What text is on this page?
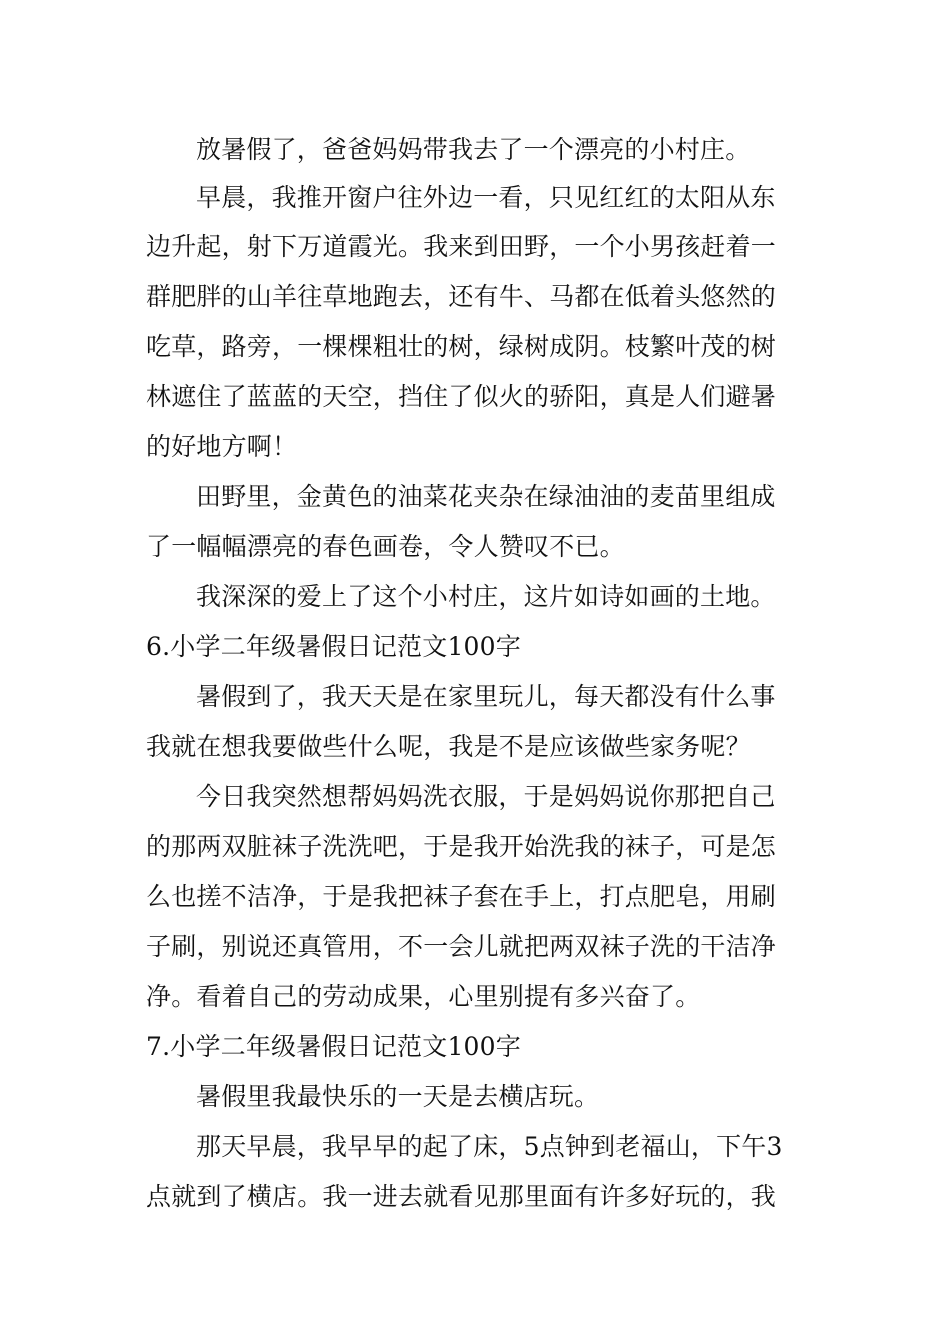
放暑假了，爸爸妈妈带我去了一个漂亮的小村庄。
早晨，我推开窗户往外边一看，只见红红的太阳从东
边升起，射下万道霞光。我来到田野，一个小男孩赶着一
群肥胖的山羊往草地跑去，还有牛、马都在低着头悠然的
吃草，路旁，一棵棵粗壮的树，绿树成阴。枝繁叶茂的树
林遮住了蓝蓝的天空，挡住了似火的骄阳，真是人们避暑
的好地方啊！
田野里，金黄色的油菜花夹杂在绿油油的麦苗里组成
了一幅幅漂亮的春色画卷，令人赞叹不已。
我深深的爱上了这个小村庄，这片如诗如画的土地。
6.小学二年级暑假日记范文100字
暑假到了，我天天是在家里玩儿，每天都没有什么事
我就在想我要做些什么呢，我是不是应该做些家务呢？
今日我突然想帮妈妈洗衣服，于是妈妈说你那把自己
的那两双脏袜子洗洗吧，于是我开始洗我的袜子，可是怎
么也搓不洁净，于是我把袜子套在手上，打点肥皂，用刷
子刷，别说还真管用，不一会儿就把两双袜子洗的干洁净
净。看着自己的劳动成果，心里别提有多兴奋了。
7.小学二年级暑假日记范文100字
暑假里我最快乐的一天是去横店玩。
那天早晨，我早早的起了床，5点钟到老福山，下午3
点就到了横店。我一进去就看见那里面有许多好玩的，我
